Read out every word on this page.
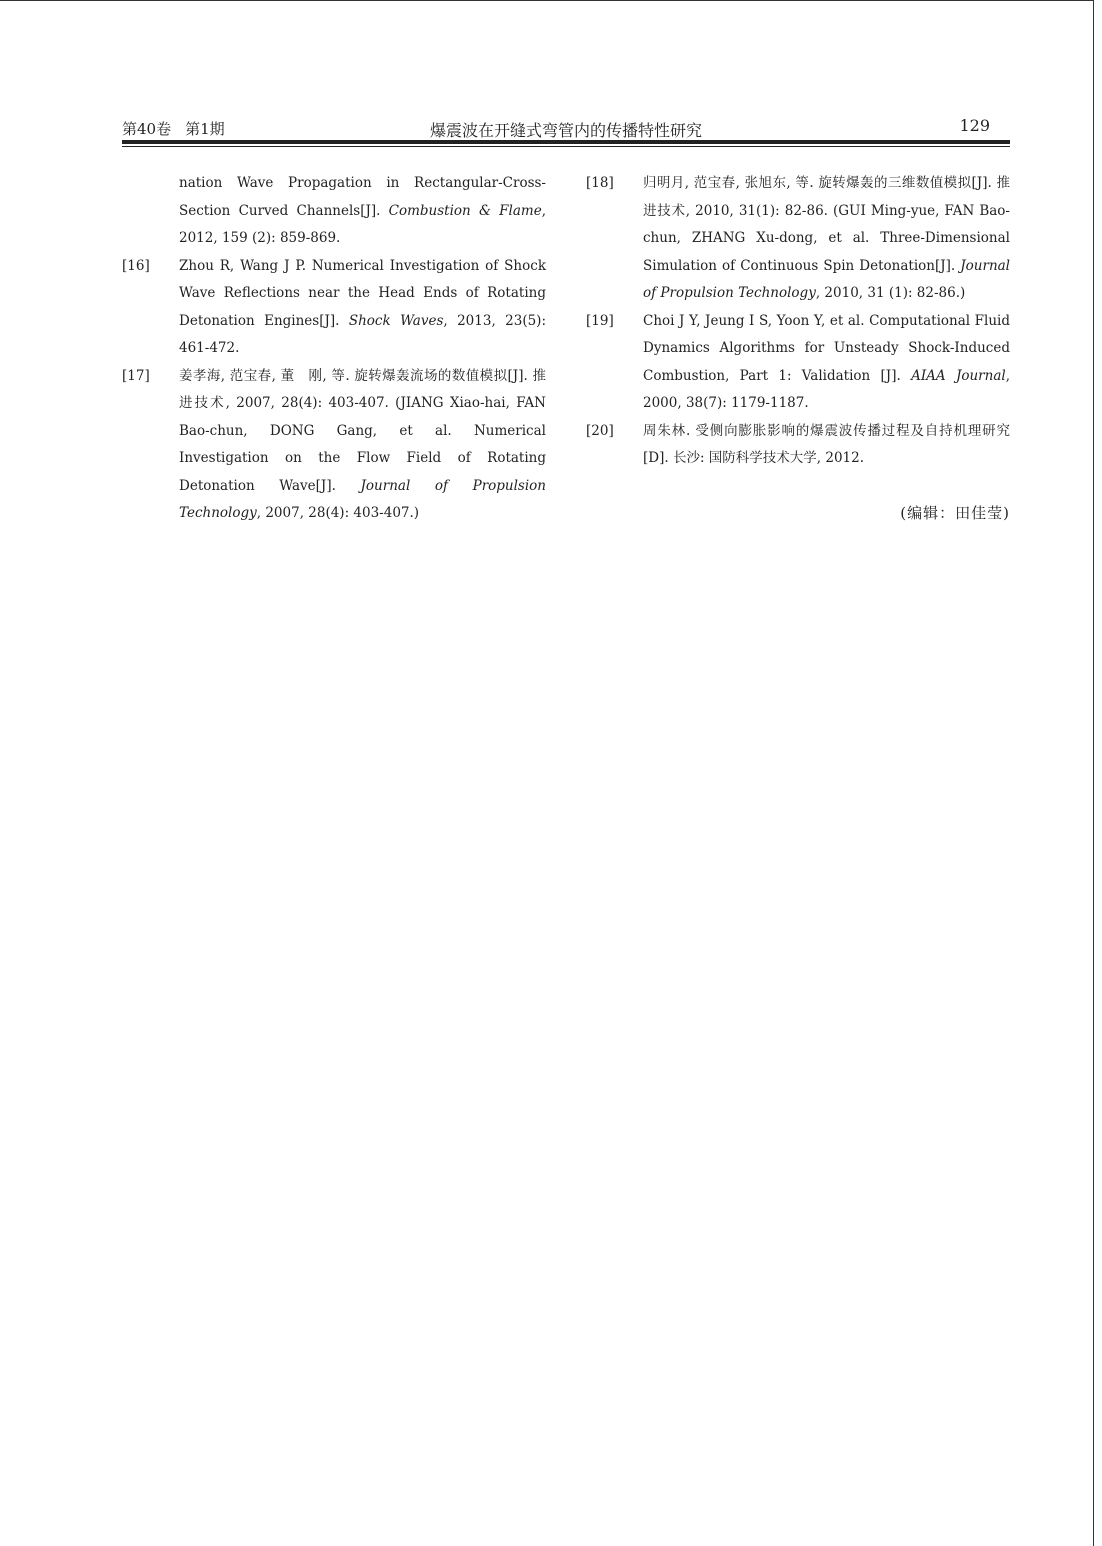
第40卷 第1期	爆震波在开缝式弯管内的传播特性研究	129
nation Wave Propagation in Rectangular-Cross-Section Curved Channels[J]. Combustion & Flame, 2012, 159 (2): 859-869.
[16] Zhou R, Wang J P. Numerical Investigation of Shock Wave Reflections near the Head Ends of Rotating Detonation Engines[J]. Shock Waves, 2013, 23(5): 461-472.
[17] 姜孝海, 范宝春, 董　刚, 等. 旋转爆轰流场的数值模拟[J]. 推进技术, 2007, 28(4): 403-407. (JIANG Xiao-hai, FAN Bao-chun, DONG Gang, et al. Numerical Investigation on the Flow Field of Rotating Detonation Wave[J]. Journal of Propulsion Technology, 2007, 28(4): 403-407.)
[18] 归明月, 范宝春, 张旭东, 等. 旋转爆轰的三维数值模拟[J]. 推进技术, 2010, 31(1): 82-86. (GUI Ming-yue, FAN Bao-chun, ZHANG Xu-dong, et al. Three-Dimensional Simulation of Continuous Spin Detonation[J]. Journal of Propulsion Technology, 2010, 31 (1): 82-86.)
[19] Choi J Y, Jeung I S, Yoon Y, et al. Computational Fluid Dynamics Algorithms for Unsteady Shock-Induced Combustion, Part 1: Validation [J]. AIAA Journal, 2000, 38(7): 1179-1187.
[20] 周朱林. 受侧向膨胀影响的爆震波传播过程及自持机理研究[D]. 长沙: 国防科学技术大学, 2012.
(编辑：田佳莹)
